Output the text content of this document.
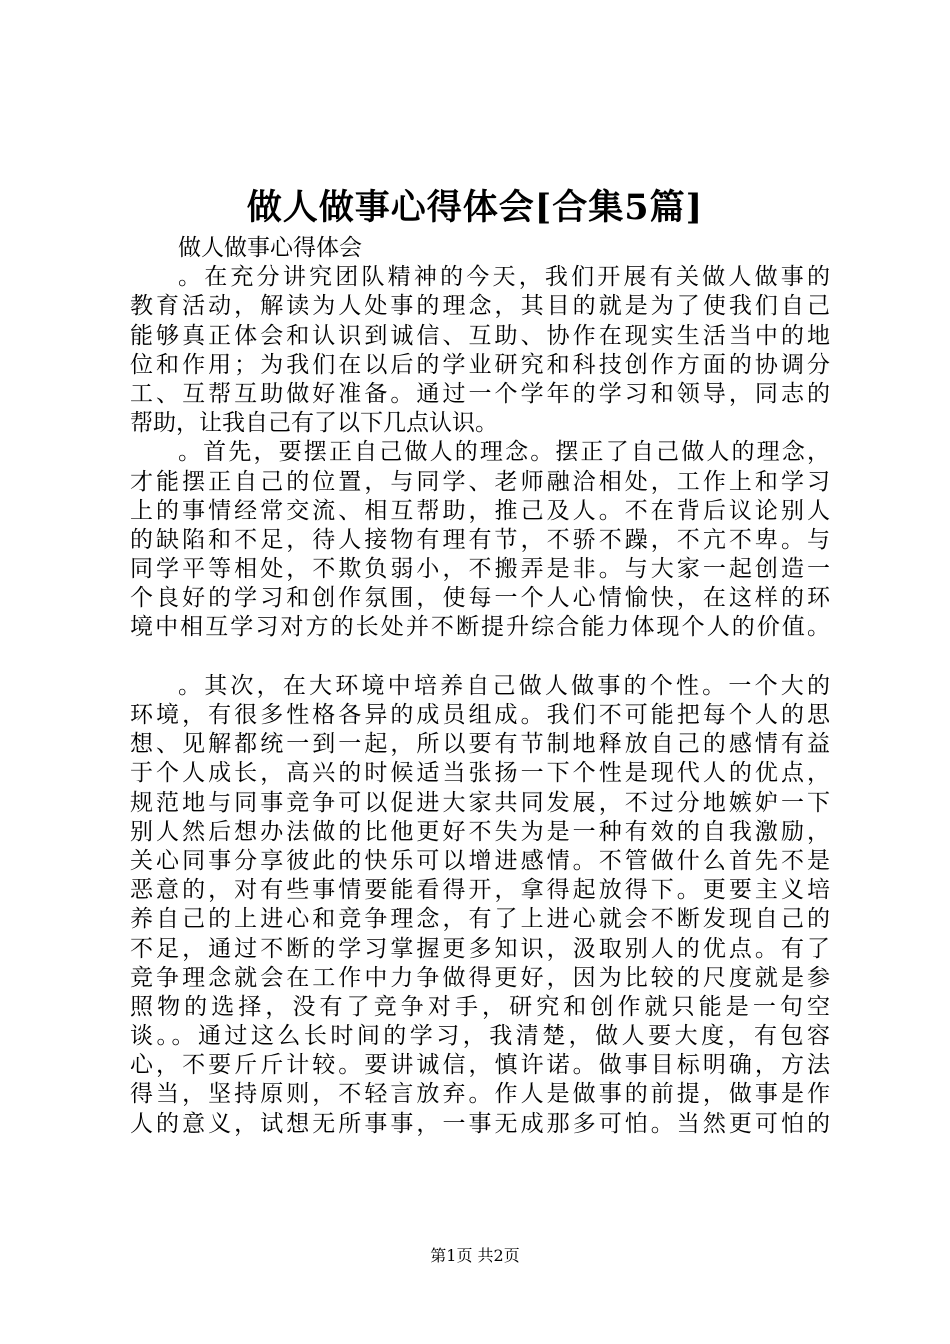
做人做事心得体会[合集5篇]
做人做事心得体会
。在充分讲究团队精神的今天，我们开展有关做人做事的
教育活动，解读为人处事的理念，其目的就是为了使我们自己
能够真正体会和认识到诚信、互助、协作在现实生活当中的地
位和作用；为我们在以后的学业研究和科技创作方面的协调分
工、互帮互助做好准备。通过一个学年的学习和领导，同志的
帮助，让我自己有了以下几点认识。
。首先，要摆正自己做人的理念。摆正了自己做人的理念，
才能摆正自己的位置，与同学、老师融洽相处，工作上和学习
上的事情经常交流、相互帮助，推己及人。不在背后议论别人
的缺陷和不足，待人接物有理有节，不骄不躁，不亢不卑。与
同学平等相处，不欺负弱小，不搬弄是非。与大家一起创造一
个良好的学习和创作氛围，使每一个人心情愉快，在这样的环
境中相互学习对方的长处并不断提升综合能力体现个人的价值。
。其次，在大环境中培养自己做人做事的个性。一个大的
环境，有很多性格各异的成员组成。我们不可能把每个人的思
想、见解都统一到一起，所以要有节制地释放自己的感情有益
于个人成长，高兴的时候适当张扬一下个性是现代人的优点，
规范地与同事竞争可以促进大家共同发展，不过分地嫉妒一下
别人然后想办法做的比他更好不失为是一种有效的自我激励，
关心同事分享彼此的快乐可以增进感情。不管做什么首先不是
恶意的，对有些事情要能看得开，拿得起放得下。更要主义培
养自己的上进心和竞争理念，有了上进心就会不断发现自己的
不足，通过不断的学习掌握更多知识，汲取别人的优点。有了
竞争理念就会在工作中力争做得更好，因为比较的尺度就是参
照物的选择，没有了竞争对手，研究和创作就只能是一句空
谈。。通过这么长时间的学习，我清楚，做人要大度，有包容
心，不要斤斤计较。要讲诚信，慎许诺。做事目标明确，方法
得当，坚持原则，不轻言放弃。作人是做事的前提，做事是作
人的意义，试想无所事事，一事无成那多可怕。当然更可怕的
第1页 共2页
